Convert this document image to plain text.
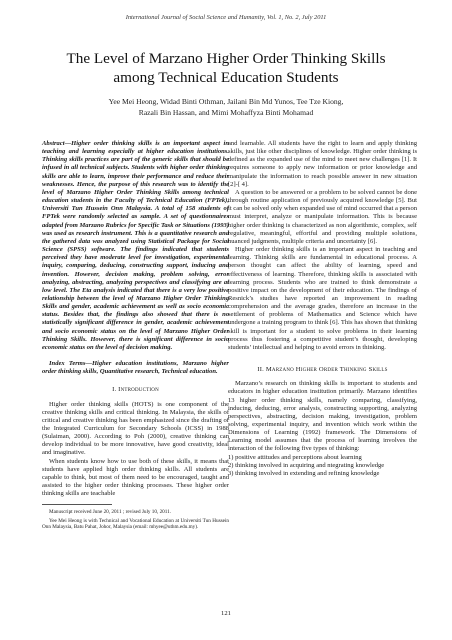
International Journal of Social Science and Humanity, Vol. 1, No. 2, July 2011
The Level of Marzano Higher Order Thinking Skills
among Technical Education Students
Yee Mei Heong, Widad Binti Othman, Jailani Bin Md Yunos, Tee Tze Kiong,
Razali Bin Hassan, and Mimi Mohaffyza Binti Mohamad

Abstract—Higher order thinking skills is an important aspect in teaching and learning especially at higher education institutions. Thinking skills practices are part of the generic skills that should be infused in all technical subjects. Students with higher order thinking skills are able to learn, improve their performance and reduce their weaknesses. Hence, the purpose of this research was to identify the level of Marzano Higher Order Thinking Skills among technical education students in the Faculty of Technical Education (FPTek), Universiti Tun Hussein Onn Malaysia. A total of 158 students of FPTek were randomly selected as sample. A set of questionnaires adapted from Marzano Rubrics for Specific Task or Situations (1993) was used as research instrument. This is a quantitative research and the gathered data was analyzed using Statistical Package for Social Science (SPSS) software. The findings indicated that students perceived they have moderate level for investigation, experimental inquiry, comparing, deducing, constructing support, inducing and invention. However, decision making, problem solving, error analyzing, abstracting, analyzing perspectives and classifying are at low level. The Eta analysis indicated that there is a very low positive relationship between the level of Marzano Higher Order Thinking Skills and gender, academic achievement as well as socio economic status. Besides that, the findings also showed that there is no statistically significant difference in gender, academic achievement and socio economic status on the level of Marzano Higher Order Thinking Skills. However, there is significant difference in socio economic status on the level of decision making.

Index Terms—Higher education institutions, Marzano higher order thinking skills, Quantitative research, Technical education.

I. Introduction

Higher order thinking skills (HOTS) is one component of the creative thinking skills and critical thinking. In Malaysia, the skills of critical and creative thinking has been emphasized since the drafting of the Integrated Curriculum for Secondary Schools (ICSS) in 1988 (Sulaiman, 2000). According to Poh (2000), creative thinking can develop individual to be more innovative, have good creativity, ideal and imaginative.

When students know how to use both of these skills, it means that students have applied high order thinking skills. All students are capable to think, but most of them need to be encouraged, taught and assisted to the higher order thinking processes. These higher order thinking skills are teachable

Manuscript received June 20, 2011 ; revised July 10, 2011.
Yee Mei Heong is with Technical and Vocational Education at Universiti Tun Hussein Onn Malaysia, Batu Pahat, Johor, Malaysia (email: mhyee@uthm.edu.my).

and learnable. All students have the right to learn and apply thinking skills, just like other disciplines of knowledge. Higher order thinking is defined as the expanded use of the mind to meet new challenges [1]. It requires someone to apply new information or prior knowledge and manipulate the information to reach possible answer in new situation [2]-[ 4].

A question to be answered or a problem to be solved cannot be done through routine application of previously acquired knowledge [5]. But it can be solved only when expanded use of mind occurred that a person must interpret, analyze or manipulate information. This is because higher order thinking is characterized as non algorithmic, complex, self regulative, meaningful, effortful and providing multiple solutions, nuanced judgments, multiple criteria and uncertainty [6].

Higher order thinking skills is an important aspect in teaching and learning. Thinking skills are fundamental in educational process. A person thought can affect the ability of learning, speed and effectiveness of learning. Therefore, thinking skills is associated with learning process. Students who are trained to think demonstrate a positive impact on the development of their education. The findings of Resnick’s studies have reported an improvement in reading comprehension and the average grades, therefore an increase in the settlement of problems of Mathematics and Science which have undergone a training program to think [6]. This has shown that thinking skill is important for a student to solve problems in their learning process thus fostering a competitive student’s thought, developing students’ intellectual and helping to avoid errors in thinking.

II. Marzano Higher Order Thinking Skills

Marzano’s research on thinking skills is important to students and educators in higher education institution primarily. Marzano identifies 13 higher order thinking skills, namely comparing, classifying, inducing, deducing, error analysis, constructing supporting, analyzing perspectives, abstracting, decision making, investigation, problem solving, experimental inquiry, and invention which work within the Dimensions of Learning (1992) framework. The Dimensions of Learning model assumes that the process of learning involves the interaction of the following five types of thinking:

1) positive attitudes and perceptions about learning
2) thinking involved in acquiring and ntegrating knowledge
3) thinking involved in extending and refining knowledge
121
